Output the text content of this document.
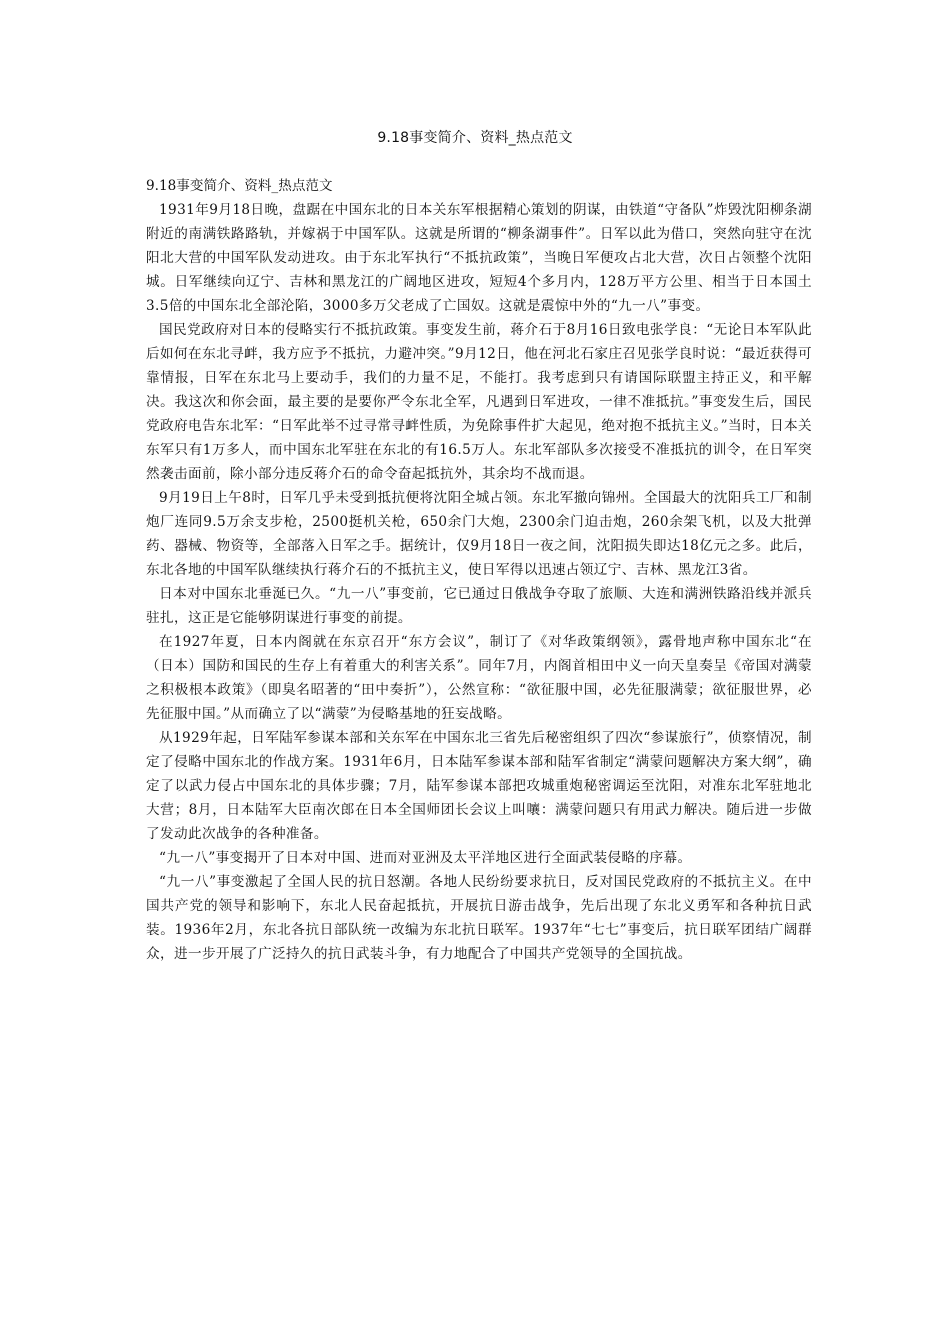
9.18事变简介、资料_热点范文

9.18事变简介、资料_热点范文

1931年9月18日晚，盘踞在中国东北的日本关东军根据精心策划的阴谋，由铁道“守备队”炸毁沈阳柳条湖附近的南满铁路路轨，并嫁祸于中国军队。这就是所谓的“柳条湖事件”。日军以此为借口，突然向驻守在沈阳北大营的中国军队发动进攻。由于东北军执行“不抵抗政策”，当晚日军便攻占北大营，次日占领整个沈阳城。日军继续向辽宁、吉林和黑龙江的广阔地区进攻，短短4个多月内，128万平方公里、相当于日本国土3.5倍的中国东北全部沦陷，3000多万父老成了亡国奴。这就是震惊中外的“九一八”事变。

国民党政府对日本的侵略实行不抵抗政策。事变发生前，蒋介石于8月16日致电张学良：“无论日本军队此后如何在东北寻衅，我方应予不抵抗，力避冲突。”9月12日，他在河北石家庄召见张学良时说：“最近获得可靠情报，日军在东北马上要动手，我们的力量不足，不能打。我考虑到只有请国际联盟主持正义，和平解决。我这次和你会面，最主要的是要你严令东北全军，凡遇到日军进攻，一律不准抵抗。”事变发生后，国民党政府电告东北军：“日军此举不过寻常寻衅性质，为免除事件扩大起见，绝对抱不抵抗主义。”当时，日本关东军只有1万多人，而中国东北军驻在东北的有16.5万人。东北军部队多次接受不准抵抗的训令，在日军突然袭击面前，除小部分违反蒋介石的命令奋起抵抗外，其余均不战而退。

9月19日上午8时，日军几乎未受到抵抗便将沈阳全城占领。东北军撤向锦州。全国最大的沈阳兵工厂和制炮厂连同9.5万余支步枪，2500挺机关枪，650余门大炮，2300余门迫击炮，260余架飞机，以及大批弹药、器械、物资等，全部落入日军之手。据统计，仅9月18日一夜之间，沈阳损失即达18亿元之多。此后，东北各地的中国军队继续执行蒋介石的不抵抗主义，使日军得以迅速占领辽宁、吉林、黑龙江3省。

日本对中国东北垂涎已久。“九一八”事变前，它已通过日俄战争夺取了旅顺、大连和满洲铁路沿线并派兵驻扎，这正是它能够阴谋进行事变的前提。

在1927年夏，日本内阁就在东京召开“东方会议”，制订了《对华政策纲领》，露骨地声称中国东北“在（日本）国防和国民的生存上有着重大的利害关系”。同年7月，内阁首相田中义一向天皇奏呈《帝国对满蒙之积极根本政策》（即臭名昭著的“田中奏折”），公然宣称：“欲征服中国，必先征服满蒙；欲征服世界，必先征服中国。”从而确立了以“满蒙”为侵略基地的狂妄战略。

从1929年起，日军陆军参谋本部和关东军在中国东北三省先后秘密组织了四次“参谋旅行”，侦察情况，制定了侵略中国东北的作战方案。1931年6月，日本陆军参谋本部和陆军省制定“满蒙问题解决方案大纲”，确定了以武力侵占中国东北的具体步骤；7月，陆军参谋本部把攻城重炮秘密调运至沈阳，对准东北军驻地北大营；8月，日本陆军大臣南次郎在日本全国师团长会议上叫嚷：满蒙问题只有用武力解决。随后进一步做了发动此次战争的各种准备。

“九一八”事变揭开了日本对中国、进而对亚洲及太平洋地区进行全面武装侵略的序幕。

“九一八”事变激起了全国人民的抗日怒潮。各地人民纷纷要求抗日，反对国民党政府的不抵抗主义。在中国共产党的领导和影响下，东北人民奋起抵抗，开展抗日游击战争，先后出现了东北义勇军和各种抗日武装。1936年2月，东北各抗日部队统一改编为东北抗日联军。1937年“七七”事变后，抗日联军团结广阔群众，进一步开展了广泛持久的抗日武装斗争，有力地配合了中国共产党领导的全国抗战。
